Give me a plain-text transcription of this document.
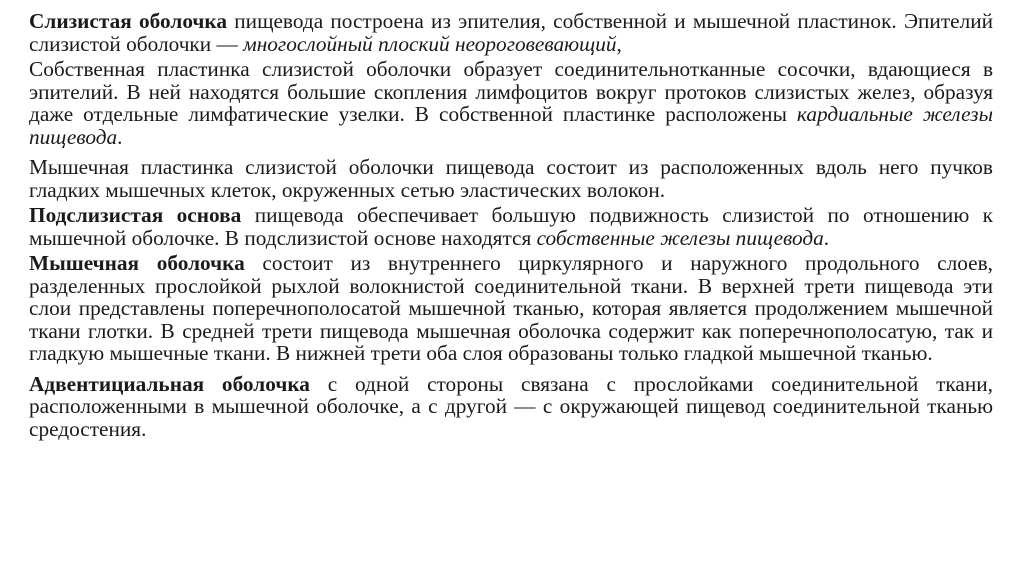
Слизистая оболочка пищевода построена из эпителия, собственной и мышечной пластинок. Эпителий слизистой оболочки — многослойный плоский неороговевающий,

Собственная пластинка слизистой оболочки образует соединительнотканные сосочки, вдающиеся в эпителий. В ней находятся большие скопления лимфоцитов вокруг протоков слизистых желез, образуя даже отдельные лимфатические узелки. В собственной пластинке расположены кардиальные железы пищевода.

Мышечная пластинка слизистой оболочки пищевода состоит из расположенных вдоль него пучков гладких мышечных клеток, окруженных сетью эластических волокон.

Подслизистая основа пищевода обеспечивает большую подвижность слизистой по отношению к мышечной оболочке. В подслизистой основе находятся собственные железы пищевода.

Мышечная оболочка состоит из внутреннего циркулярного и наружного продольного слоев, разделенных прослойкой рыхлой волокнистой соединительной ткани. В верхней трети пищевода эти слои представлены поперечнополосатой мышечной тканью, которая является продолжением мышечной ткани глотки. В средней трети пищевода мышечная оболочка содержит как поперечнополосатую, так и гладкую мышечные ткани. В нижней трети оба слоя образованы только гладкой мышечной тканью.

Адвентициальная оболочка с одной стороны связана с прослойками соединительной ткани, расположенными в мышечной оболочке, а с другой — с окружающей пищевод соединительной тканью средостения.
